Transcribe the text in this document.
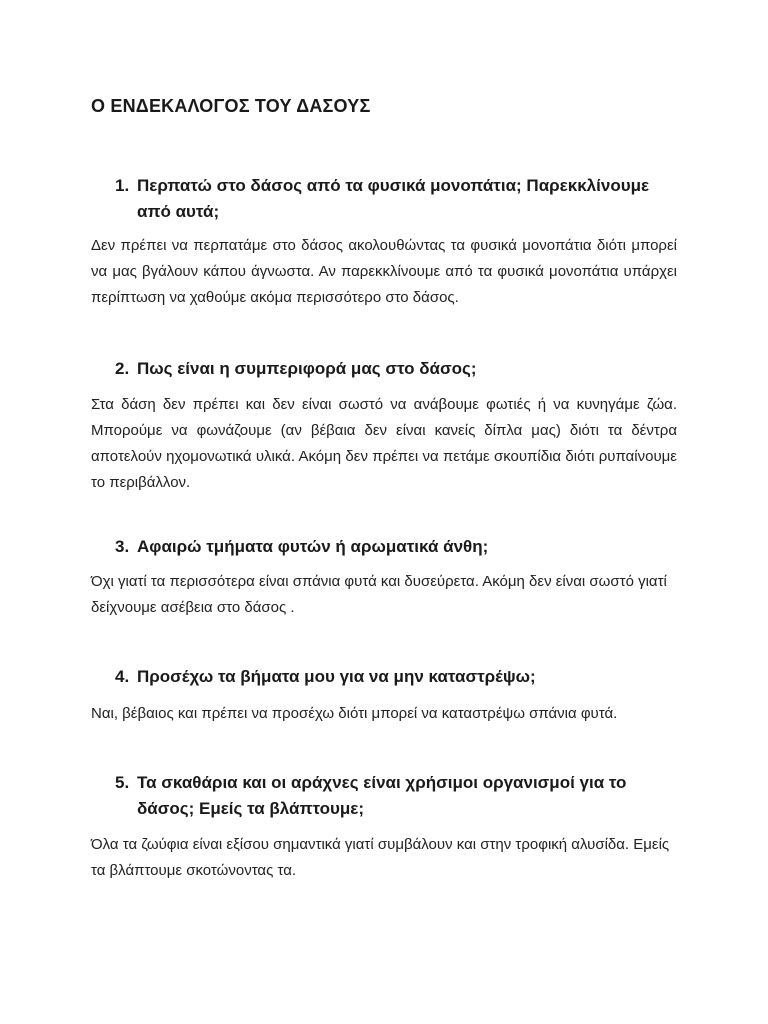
Ο ΕΝΔΕΚΑΛΟΓΟΣ ΤΟΥ ΔΑΣΟΥΣ
1. Περπατώ στο δάσος από τα φυσικά μονοπάτια; Παρεκκλίνουμε από αυτά;

Δεν πρέπει να περπατάμε στο δάσος ακολουθώντας τα φυσικά μονοπάτια διότι μπορεί να μας βγάλουν κάπου άγνωστα. Αν παρεκκλίνουμε από τα φυσικά μονοπάτια υπάρχει περίπτωση να χαθούμε ακόμα περισσότερο στο δάσος.

2. Πως είναι η συμπεριφορά μας στο δάσος;

Στα δάση δεν πρέπει και δεν είναι σωστό να ανάβουμε φωτιές ή να κυνηγάμε ζώα. Μπορούμε να φωνάζουμε (αν βέβαια δεν είναι κανείς δίπλα μας) διότι τα δέντρα αποτελούν ηχομονωτικά υλικά. Ακόμη δεν πρέπει να πετάμε σκουπίδια διότι ρυπαίνουμε το περιβάλλον.

3. Αφαιρώ τμήματα φυτών ή αρωματικά άνθη;

Όχι γιατί τα περισσότερα είναι σπάνια φυτά και δυσεύρετα. Ακόμη δεν είναι σωστό γιατί δείχνουμε ασέβεια στο δάσος .

4. Προσέχω τα βήματα μου για να μην καταστρέψω;

Ναι, βέβαιος και πρέπει να προσέχω διότι μπορεί να καταστρέψω σπάνια φυτά.

5. Τα σκαθάρια και οι αράχνες είναι χρήσιμοι οργανισμοί για το δάσος; Εμείς τα βλάπτουμε;

Όλα τα ζωύφια είναι εξίσου σημαντικά γιατί συμβάλουν και στην τροφική αλυσίδα. Εμείς τα βλάπτουμε σκοτώνοντας τα.
